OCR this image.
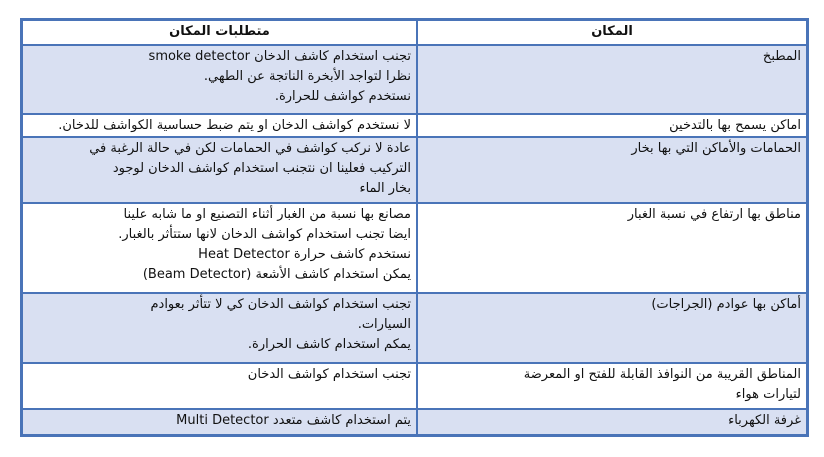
المكان	متطلبات المكان

المطبخ	تجنب استخدام كاشف الدخان smoke detector
نظرا لتواجد الأبخرة الناتجة عن الطهي.
نستخدم كواشف للحرارة.

اماكن يسمح بها بالتدخين	لا نستخدم كواشف الدخان او يتم ضبط حساسية الكواشف للدخان.

الحمامات والأماكن التي بها بخار	عادة لا نركب كواشف في الحمامات لكن في حالة الرغبة في
التركيب فعلينا ان نتجنب استخدام كواشف الدخان لوجود
بخار الماء

مناطق بها ارتفاع في نسبة الغبار	مصانع بها نسبة من الغبار أثناء التصنيع او ما شابه علينا
ايضا تجنب استخدام كواشف الدخان لانها ستتأثر بالغبار.
نستخدم كاشف حرارة Heat Detector
يمكن استخدام كاشف الأشعة (Beam Detector)

أماكن بها عوادم (الجراجات)	تجنب استخدام كواشف الدخان كي لا تتأثر بعوادم
السيارات.
يمكم استخدام كاشف الحرارة.

المناطق القريبة من النوافذ القابلة للفتح او المعرضة
لتيارات هواء	تجنب استخدام كواشف الدخان

غرفة الكهرباء	يتم استخدام كاشف متعدد Multi Detector
